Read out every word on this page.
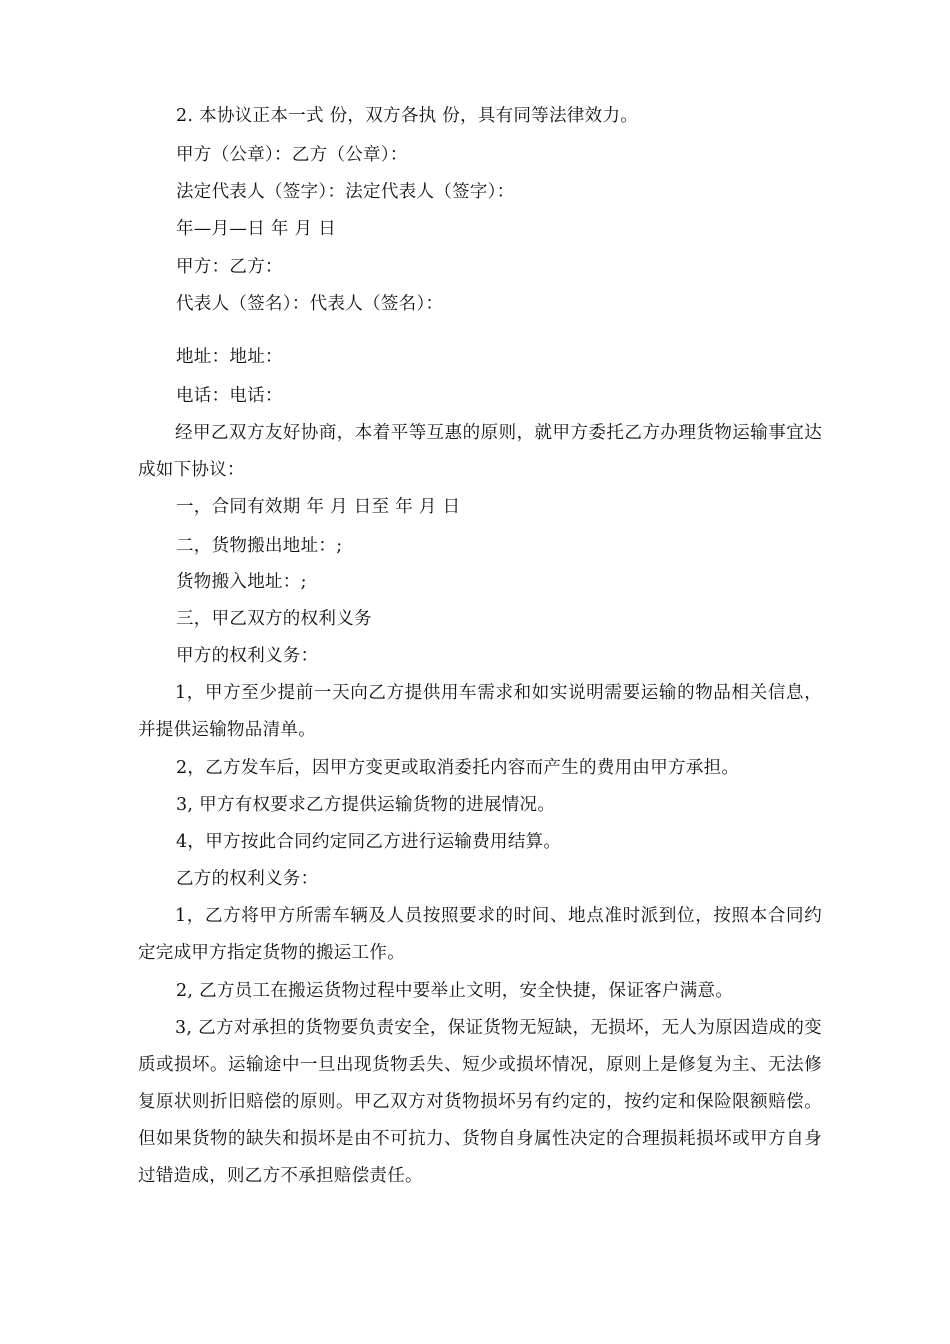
2. 本协议正本一式 份，双方各执 份，具有同等法律效力。
甲方（公章）：乙方（公章）：
法定代表人（签字）：法定代表人（签字）：
年—月—日 年 月 日
甲方：乙方：
代表人（签名）：代表人（签名）：
地址：地址：
电话：电话：
经甲乙双方友好协商，本着平等互惠的原则，就甲方委托乙方办理货物运输事宜达成如下协议：
一，合同有效期 年 月 日至 年 月 日
二，货物搬出地址：;
货物搬入地址：;
三，甲乙双方的权利义务
甲方的权利义务：
1，甲方至少提前一天向乙方提供用车需求和如实说明需要运输的物品相关信息，并提供运输物品清单。
2，乙方发车后，因甲方变更或取消委托内容而产生的费用由甲方承担。
3, 甲方有权要求乙方提供运输货物的进展情况。
4，甲方按此合同约定同乙方进行运输费用结算。
乙方的权利义务：
1，乙方将甲方所需车辆及人员按照要求的时间、地点准时派到位，按照本合同约定完成甲方指定货物的搬运工作。
2, 乙方员工在搬运货物过程中要举止文明，安全快捷，保证客户满意。
3, 乙方对承担的货物要负责安全，保证货物无短缺，无损坏，无人为原因造成的变质或损坏。运输途中一旦出现货物丢失、短少或损坏情况，原则上是修复为主、无法修复原状则折旧赔偿的原则。甲乙双方对货物损坏另有约定的，按约定和保险限额赔偿。但如果货物的缺失和损坏是由不可抗力、货物自身属性决定的合理损耗损坏或甲方自身过错造成，则乙方不承担赔偿责任。
